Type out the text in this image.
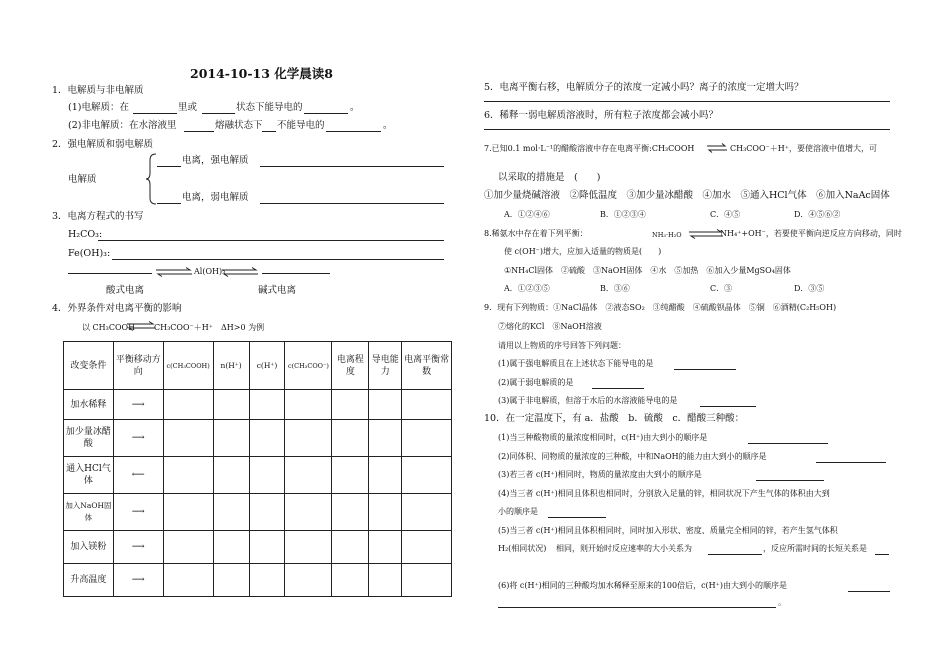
2014-10-13 化学晨读8
1．电解质与非电解质
(1)电解质：在	里或	状态下能导电的	。
(2)非电解质：在水溶液里	熔融状态下 不能导电的	。
2．强电解质和弱电解质
电解质
电离，强电解质
电离，弱电解质
3．电离方程式的书写
H₂CO₃:
Fe(OH)₃:
⇌ Al(OH)₃
酸式电离	碱式电离
4．外界条件对电离平衡的影响
以 CH₃COOH CH₃COO⁻＋H⁺ ΔH>0 为例
改变条件	平衡移动方向	c(CH₃COOH)	n(H⁺)	c(H⁺)	c(CH₃COO⁻)	电离程度	导电能力	电离平衡常数
加水稀释	⟶							
加少量冰醋酸	⟶							
通入HCl气体	⟵							
加入NaOH固体	⟶							
加入镁粉	⟶							
升高温度	⟶							
5．电离平衡右移，电解质分子的浓度一定减小吗？离子的浓度一定增大吗？
6．稀释一弱电解质溶液时，所有粒子浓度都会减小吗？
7.已知0.1 mol·L⁻¹的醋酸溶液中存在电离平衡:CH₃COOH ⇌ CH₃COO⁻＋H⁺，要使溶液中值增大，可
以采取的措施是　(　　)
①加少量烧碱溶液　②降低温度　③加少量冰醋酸　④加水　⑤通入HCl气体　⑥加入NaAc固体
A．①②④⑥	B．①②③④	C．④⑤	D．④⑤⑥②
8.稀氨水中存在着下列平衡：	NH₃·H₂O ⇌
NH₄⁺+OH⁻，若要使平衡向逆反应方向移动，同时
使 c(OH⁻)增大，应加入适量的物质是(　　)
①NH₄Cl固体　②硫酸　③NaOH固体　④水　⑤加热　⑥加入少量MgSO₄固体
A．①②③⑤	B．③⑥	C．③	D．③⑤
9．现有下列物质：①NaCl晶体　②液态SO₂　③纯醋酸　④硫酸钡晶体　⑤铜　⑥酒精(C₂H₅OH)
⑦熔化的KCl　⑧NaOH溶液
请用以上物质的序号回答下列问题：
(1)属于强电解质且在上述状态下能导电的是
(2)属于弱电解质的是
(3)属于非电解质，但溶于水后的水溶液能导电的是
10．在一定温度下，有 a．盐酸　b．硫酸　c．醋酸三种酸：
(1)当三种酸物质的量浓度相同时，c(H⁺)由大到小的顺序是
(2)同体积、同物质的量浓度的三种酸，中和NaOH的能力由大到小的顺序是
(3)若三者 c(H⁺)相同时，物质的量浓度由大到小的顺序是
(4)当三者 c(H⁺)相同且体积也相同时，分别放入足量的锌，相同状况下产生气体的体积由大到
小的顺序是
(5)当三者 c(H⁺)相同且体积相同时，同时加入形状、密度、质量完全相同的锌，若产生氢气体积
H₂(相同状况) 相同，则开始时反应速率的大小关系为	，反应所需时间的长短关系是
(6)将 c(H⁺)相同的三种酸均加水稀释至原来的100倍后，c(H⁺)由大到小的顺序是
。
